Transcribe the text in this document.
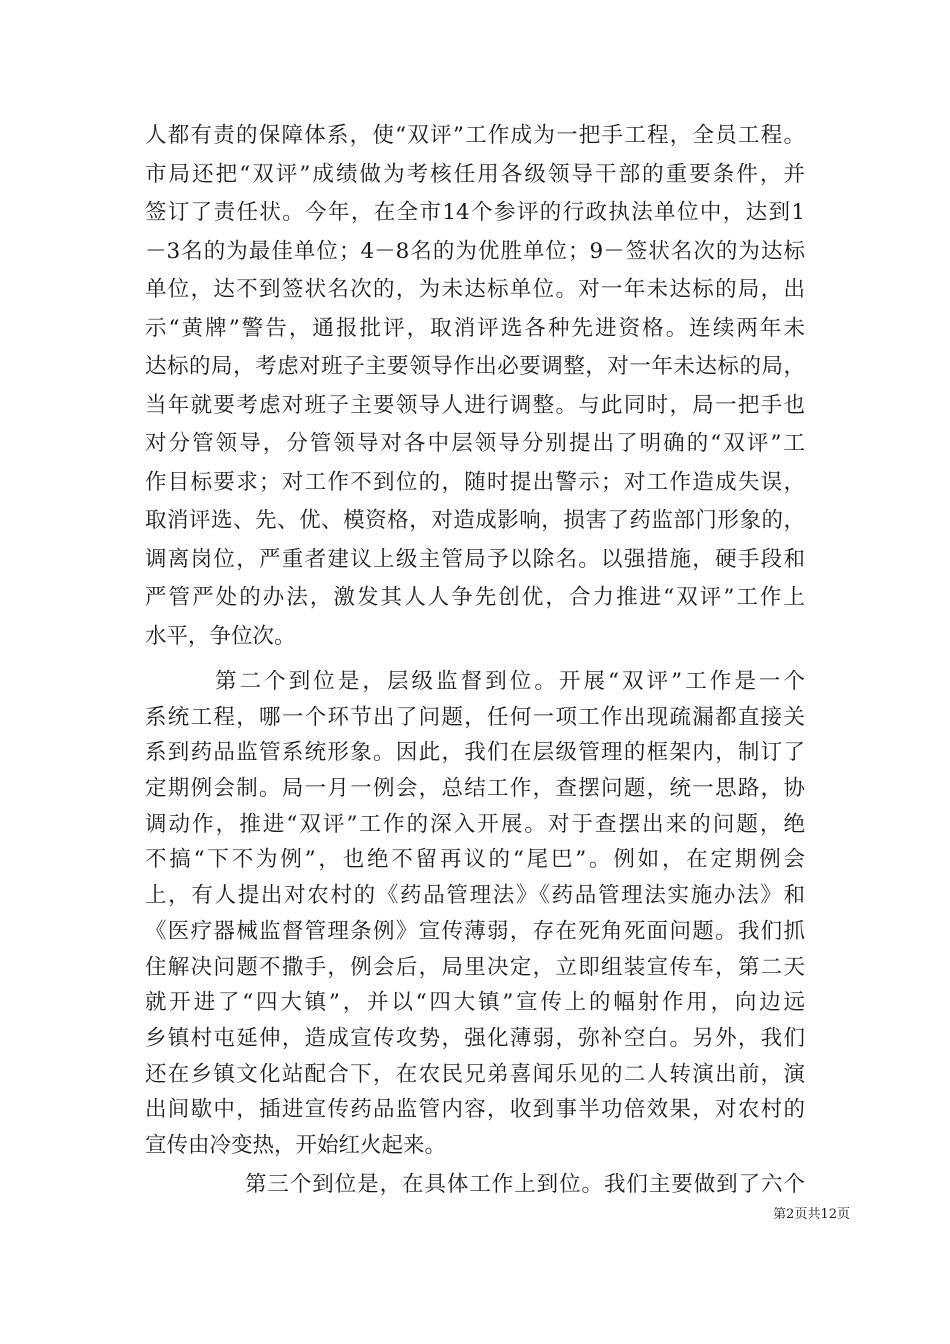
人都有责的保障体系，使“双评”工作成为一把手工程，全员工程。
市局还把“双评”成绩做为考核任用各级领导干部的重要条件，并
签订了责任状。今年，在全市14个参评的行政执法单位中，达到1
－3名的为最佳单位；4－8名的为优胜单位；9－签状名次的为达标
单位，达不到签状名次的，为未达标单位。对一年未达标的局，出
示“黄牌”警告，通报批评，取消评选各种先进资格。连续两年未
达标的局，考虑对班子主要领导作出必要调整，对一年未达标的局，
当年就要考虑对班子主要领导人进行调整。与此同时，局一把手也
对分管领导，分管领导对各中层领导分别提出了明确的“双评”工
作目标要求；对工作不到位的，随时提出警示；对工作造成失误，
取消评选、先、优、模资格，对造成影响，损害了药监部门形象的，
调离岗位，严重者建议上级主管局予以除名。以强措施，硬手段和
严管严处的办法，激发其人人争先创优，合力推进“双评”工作上
水平，争位次。
第二个到位是，层级监督到位。开展“双评”工作是一个
系统工程，哪一个环节出了问题，任何一项工作出现疏漏都直接关
系到药品监管系统形象。因此，我们在层级管理的框架内，制订了
定期例会制。局一月一例会，总结工作，查摆问题，统一思路，协
调动作，推进“双评”工作的深入开展。对于查摆出来的问题，绝
不搞“下不为例”，也绝不留再议的“尾巴”。例如，在定期例会
上，有人提出对农村的《药品管理法》《药品管理法实施办法》和
《医疗器械监督管理条例》宣传薄弱，存在死角死面问题。我们抓
住解决问题不撒手，例会后，局里决定，立即组装宣传车，第二天
就开进了“四大镇”，并以“四大镇”宣传上的幅射作用，向边远
乡镇村屯延伸，造成宣传攻势，强化薄弱，弥补空白。另外，我们
还在乡镇文化站配合下，在农民兄弟喜闻乐见的二人转演出前，演
出间歇中，插进宣传药品监管内容，收到事半功倍效果，对农村的
宣传由冷变热，开始红火起来。
第三个到位是，在具体工作上到位。我们主要做到了六个
第2页共12页
